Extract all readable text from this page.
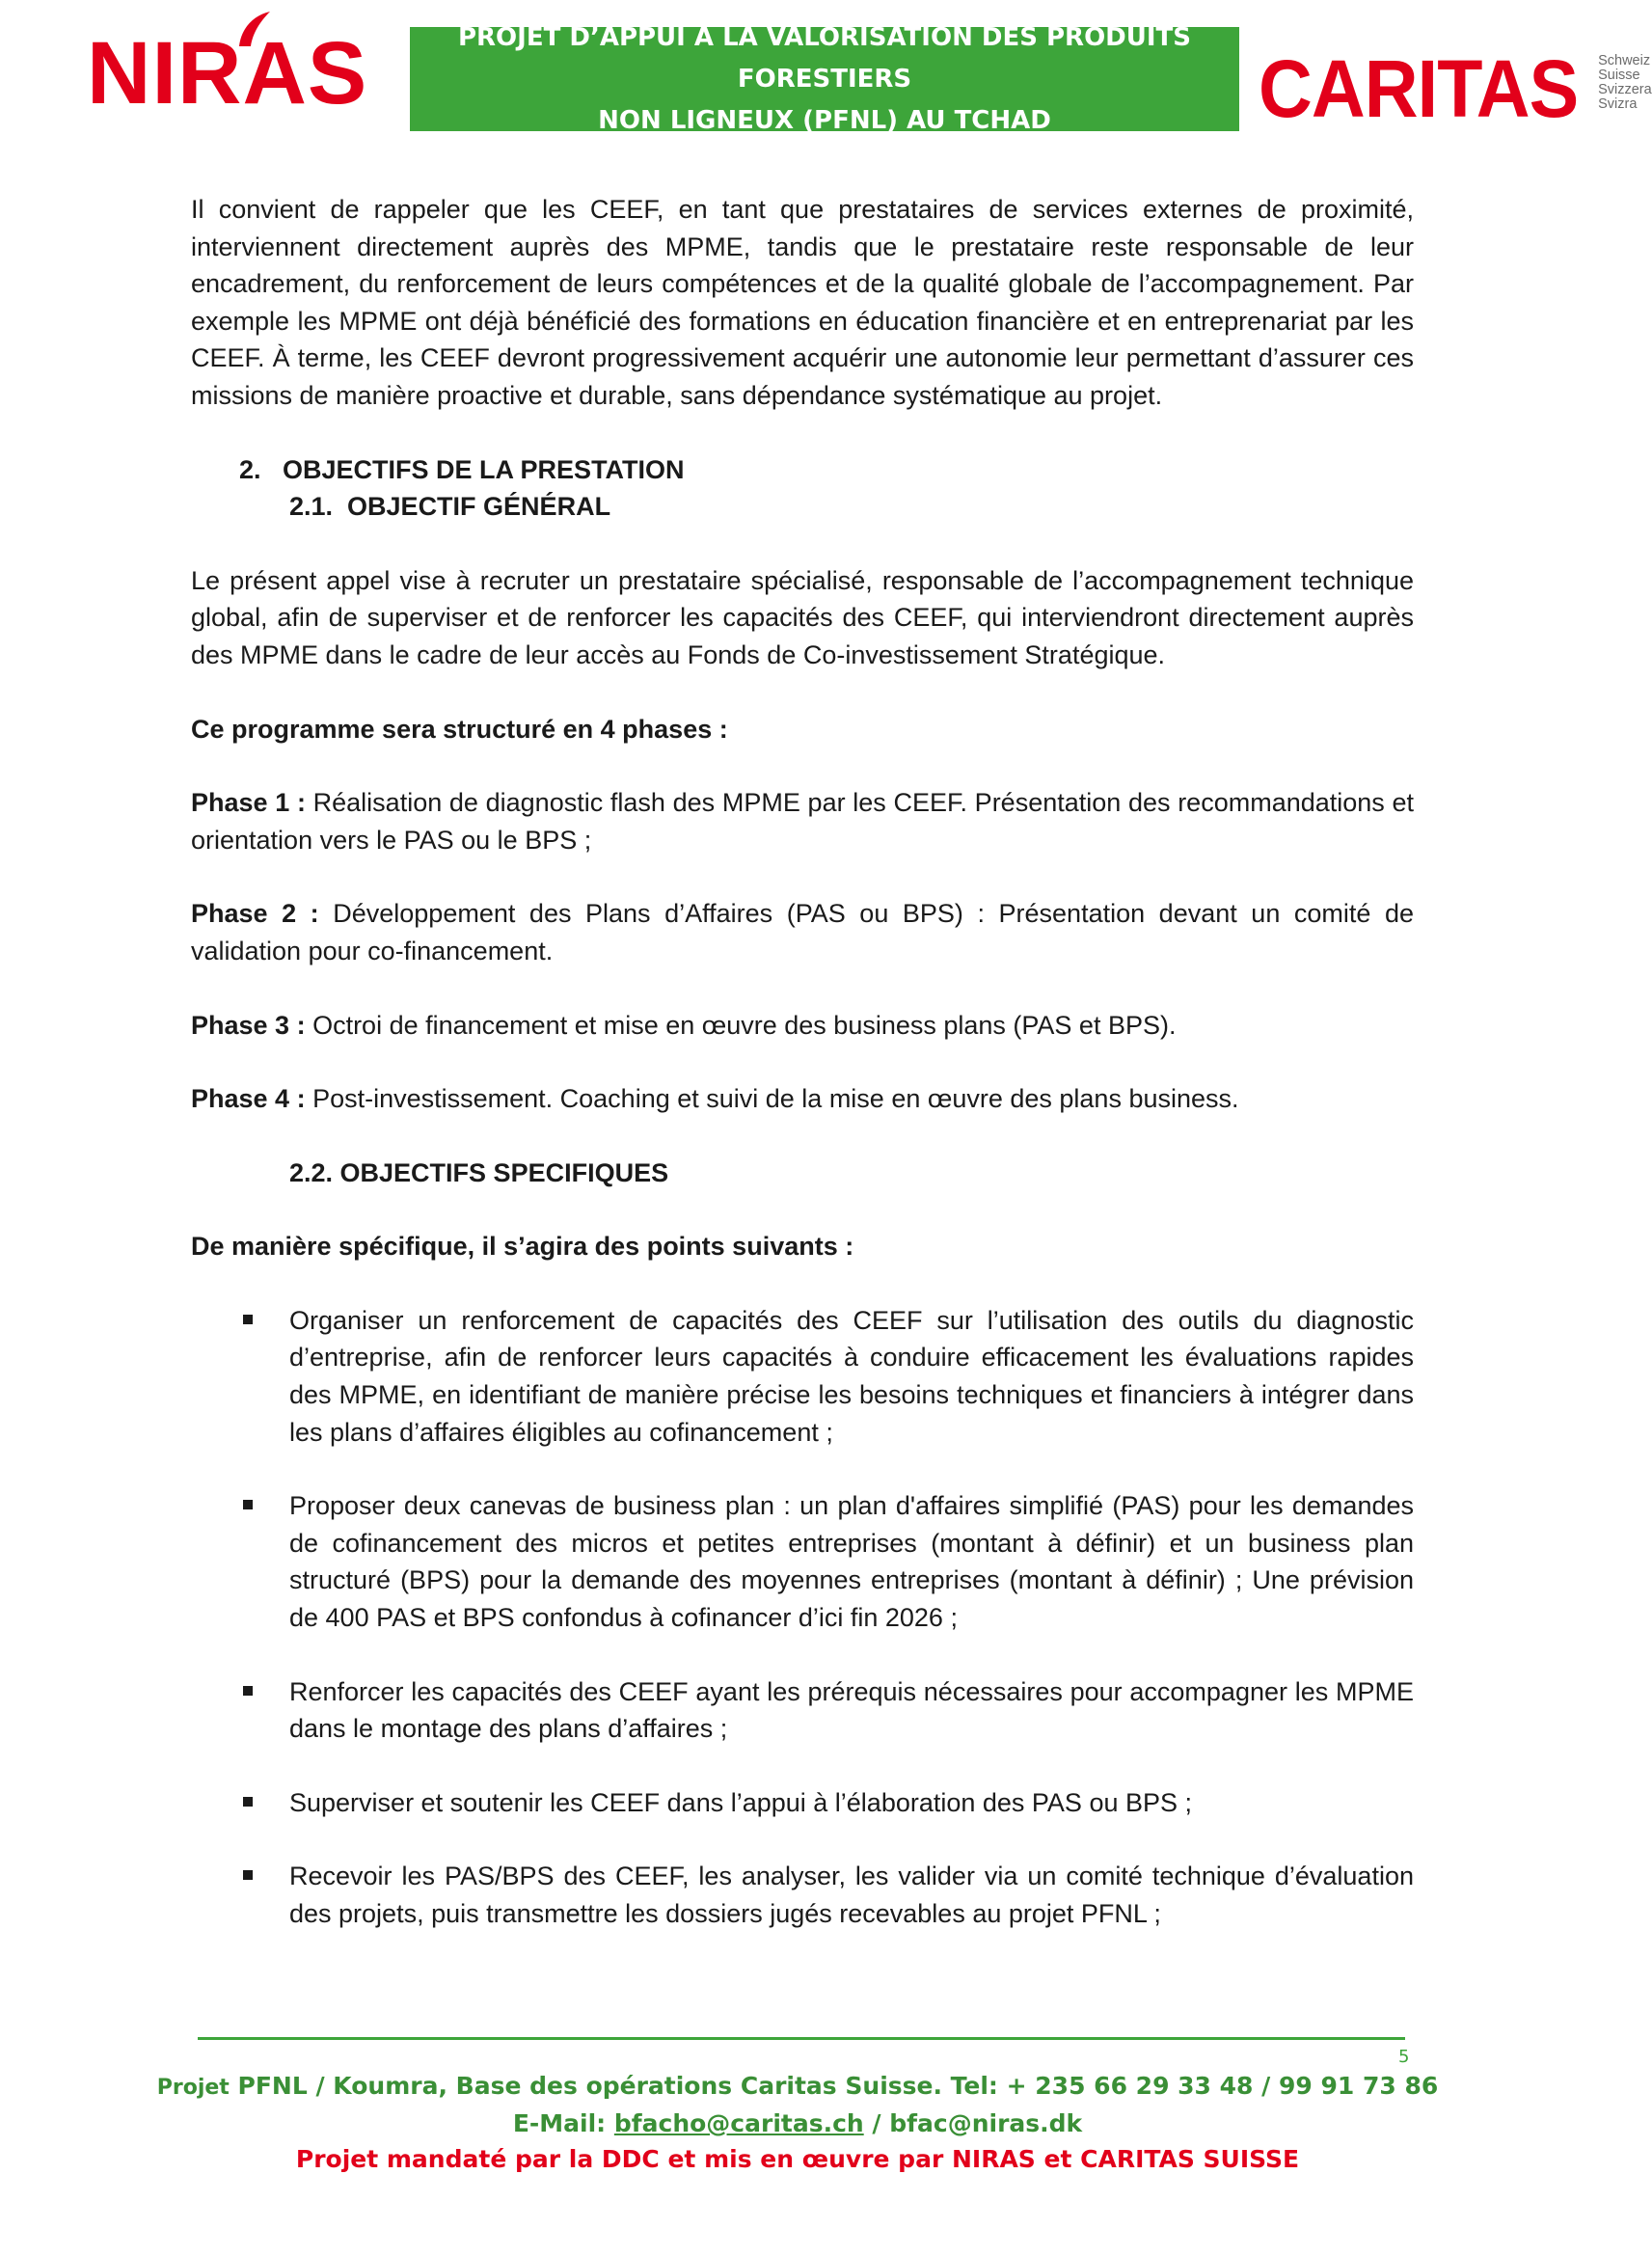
NIRAS	PROJET D’APPUI A LA VALORISATION DES PRODUITS FORESTIERS
NON LIGNEUX (PFNL) AU TCHAD	CARITAS Schweiz
Suisse
Svizzera
Svizra

Il convient de rappeler que les CEEF, en tant que prestataires de services externes de proximité, interviennent directement auprès des MPME, tandis que le prestataire reste responsable de leur encadrement, du renforcement de leurs compétences et de la qualité globale de l’accompagnement. Par exemple les MPME ont déjà bénéficié des formations en éducation financière et en entreprenariat par les CEEF. À terme, les CEEF devront progressivement acquérir une autonomie leur permettant d’assurer ces missions de manière proactive et durable, sans dépendance systématique au projet.

2.   OBJECTIFS DE LA PRESTATION

2.1.  OBJECTIF GÉNÉRAL

Le présent appel vise à recruter un prestataire spécialisé, responsable de l’accompagnement technique global, afin de superviser et de renforcer les capacités des CEEF, qui interviendront directement auprès des MPME dans le cadre de leur accès au Fonds de Co-investissement Stratégique.

Ce programme sera structuré en 4 phases :

Phase 1 : Réalisation de diagnostic flash des MPME par les CEEF. Présentation des recommandations et orientation vers le PAS ou le BPS ;

Phase 2 : Développement des Plans d’Affaires (PAS ou BPS) : Présentation devant un comité de validation pour co-financement.

Phase 3 : Octroi de financement et mise en œuvre des business plans (PAS et BPS).

Phase 4 : Post-investissement. Coaching et suivi de la mise en œuvre des plans business.

2.2. OBJECTIFS SPECIFIQUES

De manière spécifique, il s’agira des points suivants :

Organiser un renforcement de capacités des CEEF sur l’utilisation des outils du diagnostic d’entreprise, afin de renforcer leurs capacités à conduire efficacement les évaluations rapides des MPME, en identifiant de manière précise les besoins techniques et financiers à intégrer dans les plans d’affaires éligibles au cofinancement ;
Proposer deux canevas de business plan : un plan d'affaires simplifié (PAS) pour les demandes de cofinancement des micros et petites entreprises (montant à définir) et un business plan structuré (BPS) pour la demande des moyennes entreprises (montant à définir) ; Une prévision de 400 PAS et BPS confondus à cofinancer d’ici fin 2026 ;
Renforcer les capacités des CEEF ayant les prérequis nécessaires pour accompagner les MPME dans le montage des plans d’affaires ;
Superviser et soutenir les CEEF dans l’appui à l’élaboration des PAS ou BPS ;
Recevoir les PAS/BPS des CEEF, les analyser, les valider via un comité technique d’évaluation des projets, puis transmettre les dossiers jugés recevables au projet PFNL ;
5
Projet PFNL / Koumra, Base des opérations Caritas Suisse. Tel: + 235 66 29 33 48 / 99 91 73 86
E-Mail: bfacho@caritas.ch / bfac@niras.dk
Projet mandaté par la DDC et mis en œuvre par NIRAS et CARITAS SUISSE
